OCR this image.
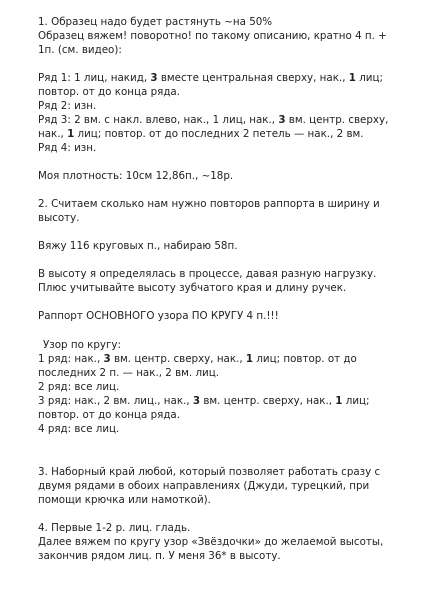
1. Образец надо будет растянуть ~на 50%
Образец вяжем! поворотно! по такому описанию, кратно 4 п. +
1п. (см. видео):
Ряд 1: 1 лиц, накид, 3 вместе центральная сверху, нак., 1 лиц;
повтор. от до конца ряда.
Ряд 2: изн.
Ряд 3: 2 вм. с накл. влево, нак., 1 лиц, нак., 3 вм. центр. сверху,
нак., 1 лиц; повтор. от до последних 2 петель — нак., 2 вм.
Ряд 4: изн.
Моя плотность: 10см 12,86п., ~18р.
2. Считаем сколько нам нужно повторов раппорта в ширину и
высоту.
Вяжу 116 круговых п., набираю 58п.
В высоту я определялась в процессе, давая разную нагрузку.
Плюс учитывайте высоту зубчатого края и длину ручек.
Раппорт ОСНОВНОГО узора ПО КРУГУ 4 п.!!!
Узор по кругу:
1 ряд: нак., 3 вм. центр. сверху, нак., 1 лиц; повтор. от до
последних 2 п. — нак., 2 вм. лиц.
2 ряд: все лиц.
3 ряд: нак., 2 вм. лиц., нак., 3 вм. центр. сверху, нак., 1 лиц;
повтор. от до конца ряда.
4 ряд: все лиц.
3. Наборный край любой, который позволяет работать сразу с
двумя рядами в обоих направлениях (Джуди, турецкий, при
помощи крючка или намоткой).
4. Первые 1-2 р. лиц. гладь.
Далее вяжем по кругу узор «Звёздочки» до желаемой высоты,
закончив рядом лиц. п. У меня 36* в высоту.
